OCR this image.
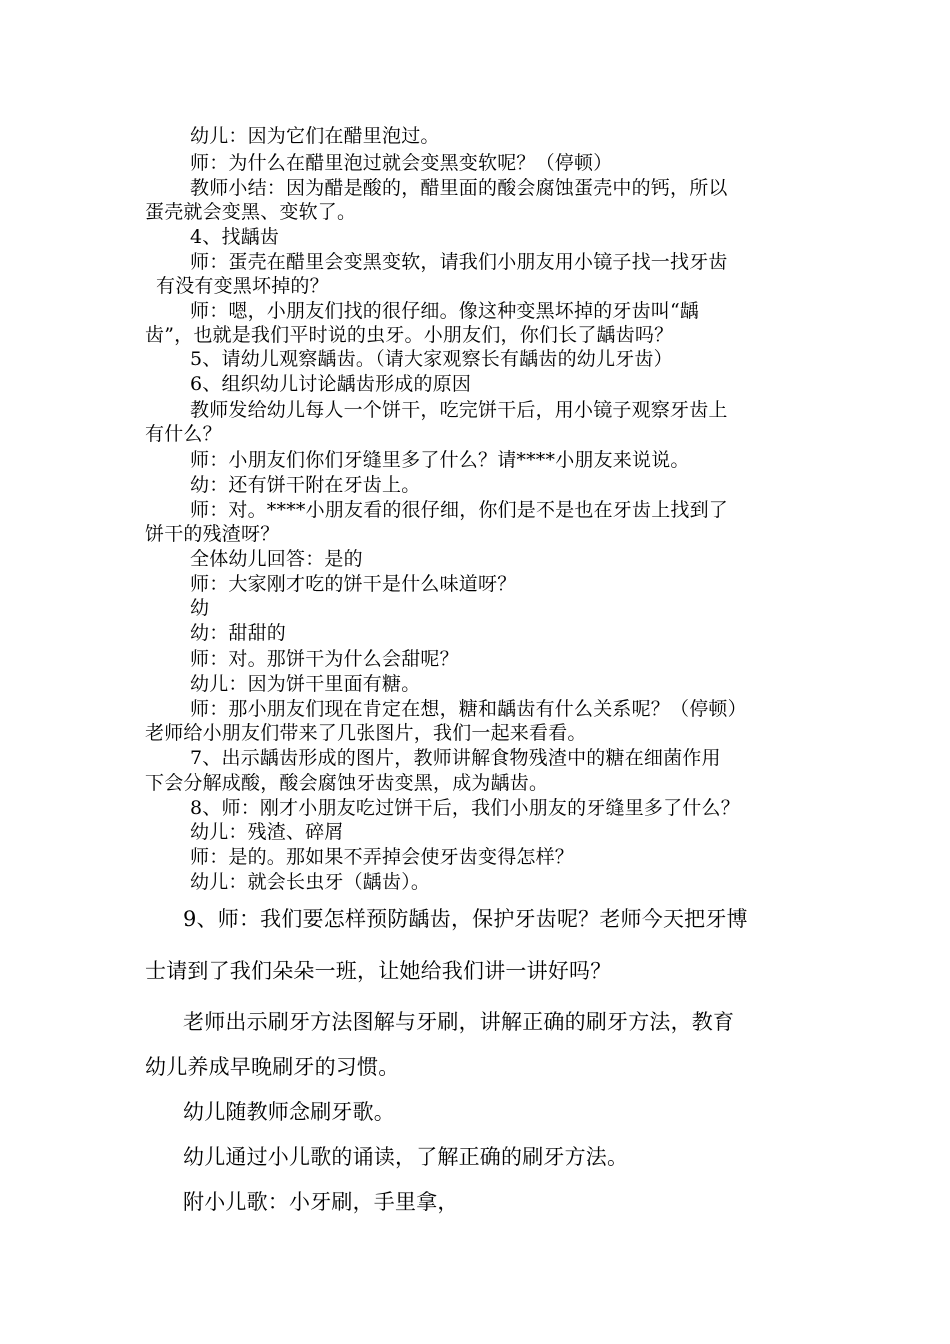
幼儿：因为它们在醋里泡过。
师：为什么在醋里泡过就会变黑变软呢？（停顿）
教师小结：因为醋是酸的，醋里面的酸会腐蚀蛋壳中的钙，所以
蛋壳就会变黑、变软了。
4、找龋齿
师：蛋壳在醋里会变黑变软，请我们小朋友用小镜子找一找牙齿
有没有变黑坏掉的？
师：嗯，小朋友们找的很仔细。像这种变黑坏掉的牙齿叫“龋
齿”，也就是我们平时说的虫牙。小朋友们，你们长了龋齿吗？
5、请幼儿观察龋齿。（请大家观察长有龋齿的幼儿牙齿）
6、组织幼儿讨论龋齿形成的原因
教师发给幼儿每人一个饼干，吃完饼干后，用小镜子观察牙齿上
有什么？
师：小朋友们你们牙缝里多了什么？请****小朋友来说说。
幼：还有饼干附在牙齿上。
师：对。****小朋友看的很仔细，你们是不是也在牙齿上找到了
饼干的残渣呀？
全体幼儿回答：是的
师：大家刚才吃的饼干是什么味道呀？
幼
幼：甜甜的
师：对。那饼干为什么会甜呢？
幼儿：因为饼干里面有糖。
师：那小朋友们现在肯定在想，糖和龋齿有什么关系呢？（停顿）
老师给小朋友们带来了几张图片，我们一起来看看。
7、出示龋齿形成的图片，教师讲解食物残渣中的糖在细菌作用
下会分解成酸，酸会腐蚀牙齿变黑，成为龋齿。
8、师：刚才小朋友吃过饼干后，我们小朋友的牙缝里多了什么？
幼儿：残渣、碎屑
师：是的。那如果不弄掉会使牙齿变得怎样？
幼儿：就会长虫牙（龋齿）。
9、师：我们要怎样预防龋齿，保护牙齿呢？老师今天把牙博
士请到了我们朵朵一班，让她给我们讲一讲好吗？
老师出示刷牙方法图解与牙刷，讲解正确的刷牙方法，教育
幼儿养成早晚刷牙的习惯。
幼儿随教师念刷牙歌。
幼儿通过小儿歌的诵读，了解正确的刷牙方法。
附小儿歌：小牙刷，手里拿，
